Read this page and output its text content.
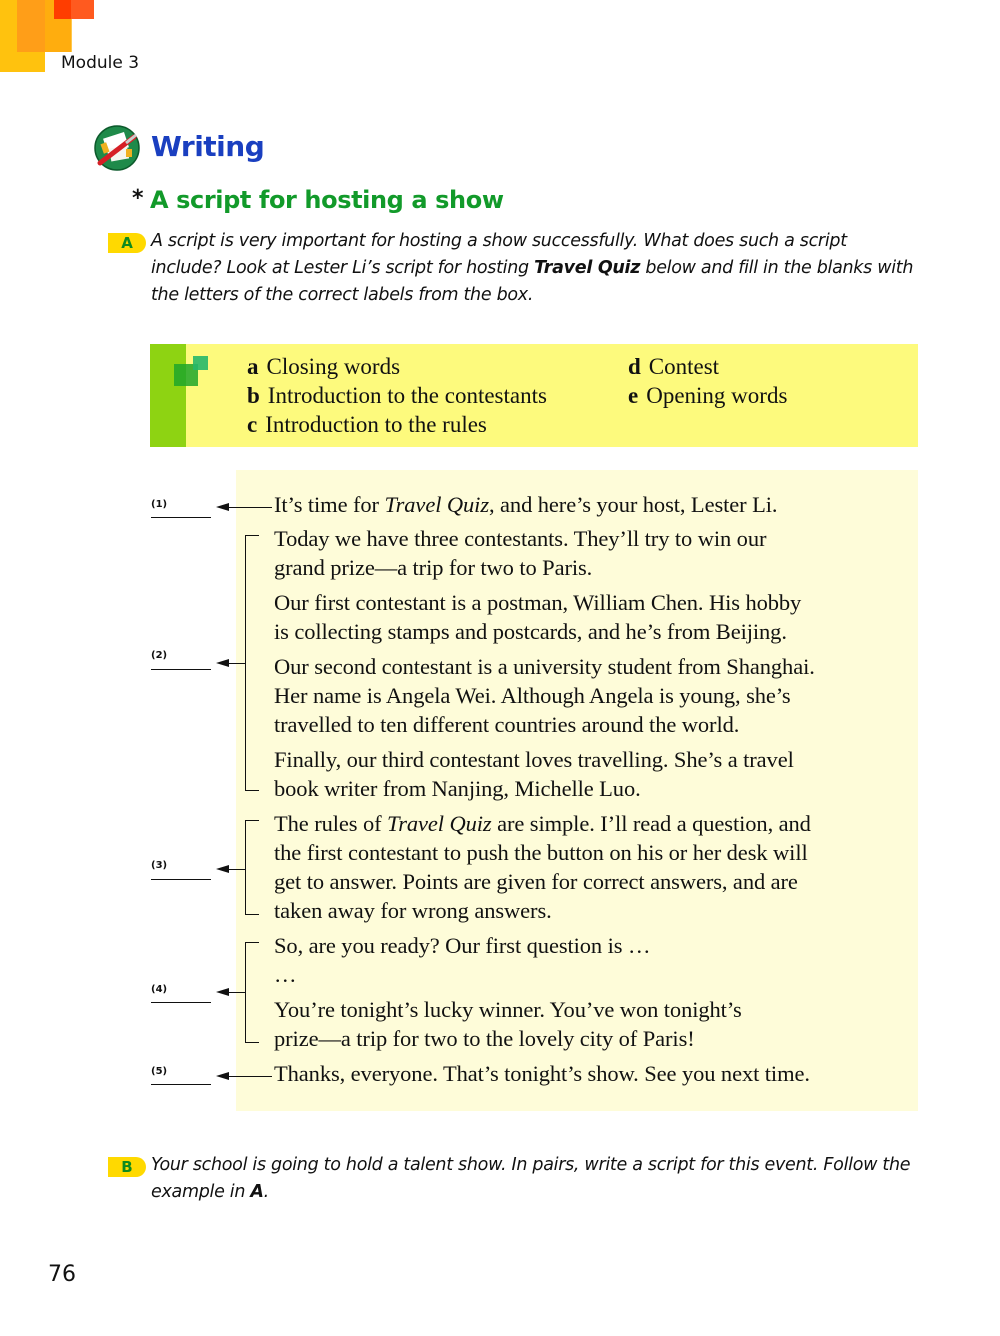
Module 3
Writing
* A script for hosting a show
A	A script is very important for hosting a show successfully. What does such a script include? Look at Lester Li’s script for hosting Travel Quiz below and fill in the blanks with the letters of the correct labels from the box.
a Closing words
b Introduction to the contestants
c Introduction to the rules
d Contest
e Opening words
(1)
(2)
(3)
(4)
(5)
It’s time for Travel Quiz, and here’s your host, Lester Li.
Today we have three contestants. They’ll try to win our
grand prize—a trip for two to Paris.
Our first contestant is a postman, William Chen. His hobby
is collecting stamps and postcards, and he’s from Beijing.
Our second contestant is a university student from Shanghai.
Her name is Angela Wei. Although Angela is young, she’s
travelled to ten different countries around the world.
Finally, our third contestant loves travelling. She’s a travel
book writer from Nanjing, Michelle Luo.
The rules of Travel Quiz are simple. I’ll read a question, and
the first contestant to push the button on his or her desk will
get to answer. Points are given for correct answers, and are
taken away for wrong answers.
So, are you ready? Our first question is …
…
You’re tonight’s lucky winner. You’ve won tonight’s
prize—a trip for two to the lovely city of Paris!
Thanks, everyone. That’s tonight’s show. See you next time.
B	Your school is going to hold a talent show. In pairs, write a script for this event. Follow the example in A.
76
